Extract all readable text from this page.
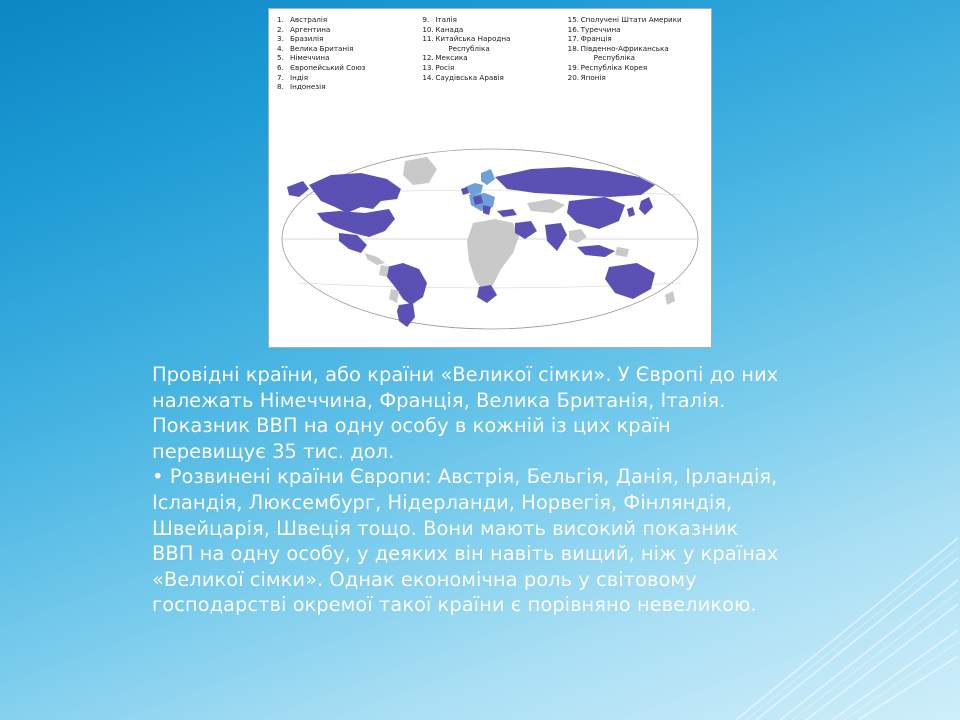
1. Австралія
2. Аргентина
3. Бразилія
4. Велика Британія
5. Німеччина
6. Європейський Союз
7. Індія
8. Індонезія
9. Італія
10. Канада
11. Китайська Народна
Республіка
12. Мексика
13. Росія
14. Саудівська Аравія
15. Сполучені Штати Америки
16. Туреччина
17. Франція
18. Південно-Африканська
Республіка
19. Республіка Корея
20. Японія

Провідні країни, або країни «Великої сімки». У Європі до них належать Німеччина, Франція, Велика Британія, Італія. Показник ВВП на одну особу в кожній із цих країн перевищує 35 тис. дол.

• Розвинені країни Європи: Австрія, Бельгія, Данія, Ірландія, Ісландія, Люксембург, Нідерланди, Норвегія, Фінляндія, Швейцарія, Швеція тощо. Вони мають високий показник ВВП на одну особу, у деяких він навіть вищий, ніж у країнах «Великої сімки». Однак економічна роль у світовому господарстві окремої такої країни є порівняно невеликою.
